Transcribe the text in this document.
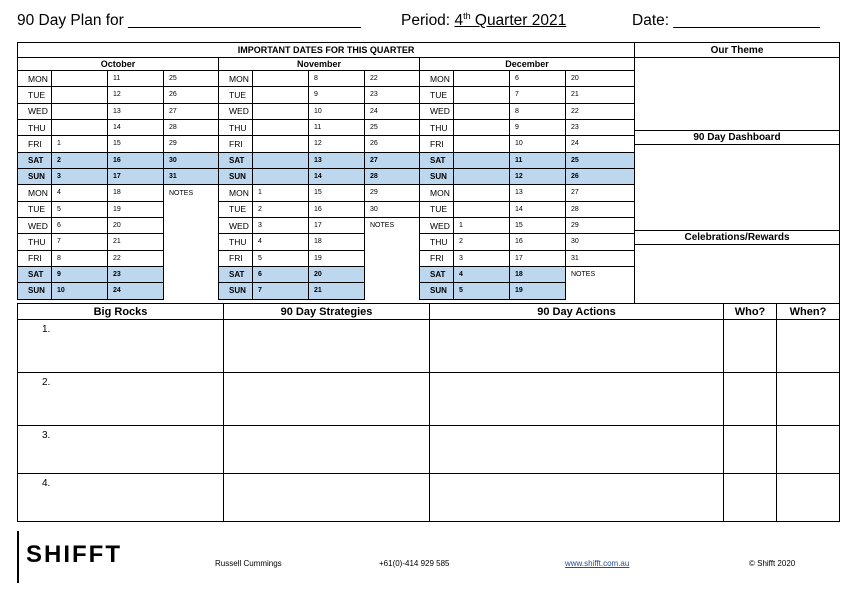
90 Day Plan for ___________________________	Period: 4th Quarter 2021	Date: _________________
IMPORTANT DATES FOR THIS QUARTER											
October				November				December			
MON		11	25	MON		8	22	MON		6	20
TUE		12	26	TUE		9	23	TUE		7	21
WED		13	27	WED		10	24	WED		8	22
THU		14	28	THU		11	25	THU		9	23
FRI	1	15	29	FRI		12	26	FRI		10	24
SAT	2	16	30	SAT		13	27	SAT		11	25
SUN	3	17	31	SUN		14	28	SUN		12	26
MON	4	18	NOTES	MON	1	15	29	MON		13	27
TUE	5	19		TUE	2	16	30	TUE		14	28
WED	6	20		WED	3	17	NOTES	WED	1	15	29
THU	7	21		THU	4	18		THU	2	16	30
FRI	8	22		FRI	5	19		FRI	3	17	31
SAT	9	23		SAT	6	20		SAT	4	18	NOTES
SUN	10	24		SUN	7	21		SUN	5	19	
Our Theme

90 Day Dashboard

Celebrations/Rewards

Big Rocks	90 Day Strategies	90 Day Actions	Who?	When?
1.				
2.				
3.				
4.				
SHIFFT	Russell Cummings	+61(0)-414 929 585	www.shifft.com.au	© Shifft 2020
